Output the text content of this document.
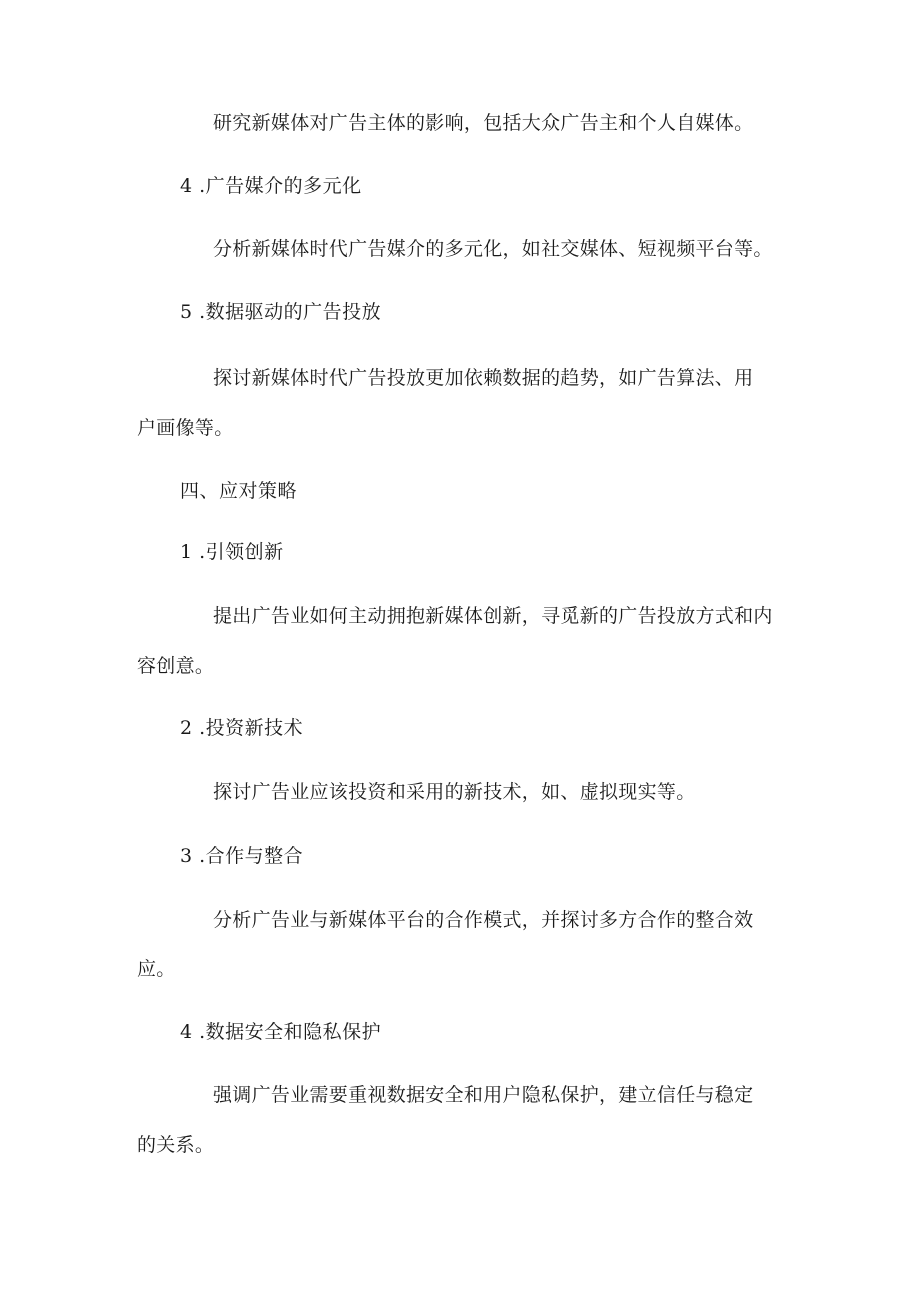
研究新媒体对广告主体的影响，包括大众广告主和个人自媒体。
4 .广告媒介的多元化
分析新媒体时代广告媒介的多元化，如社交媒体、短视频平台等。
5 .数据驱动的广告投放
探讨新媒体时代广告投放更加依赖数据的趋势，如广告算法、用
户画像等。
四、应对策略
1 .引领创新
提出广告业如何主动拥抱新媒体创新，寻觅新的广告投放方式和内
容创意。
2 .投资新技术
探讨广告业应该投资和采用的新技术，如、虚拟现实等。
3 .合作与整合
分析广告业与新媒体平台的合作模式，并探讨多方合作的整合效
应。
4 .数据安全和隐私保护
强调广告业需要重视数据安全和用户隐私保护，建立信任与稳定
的关系。
